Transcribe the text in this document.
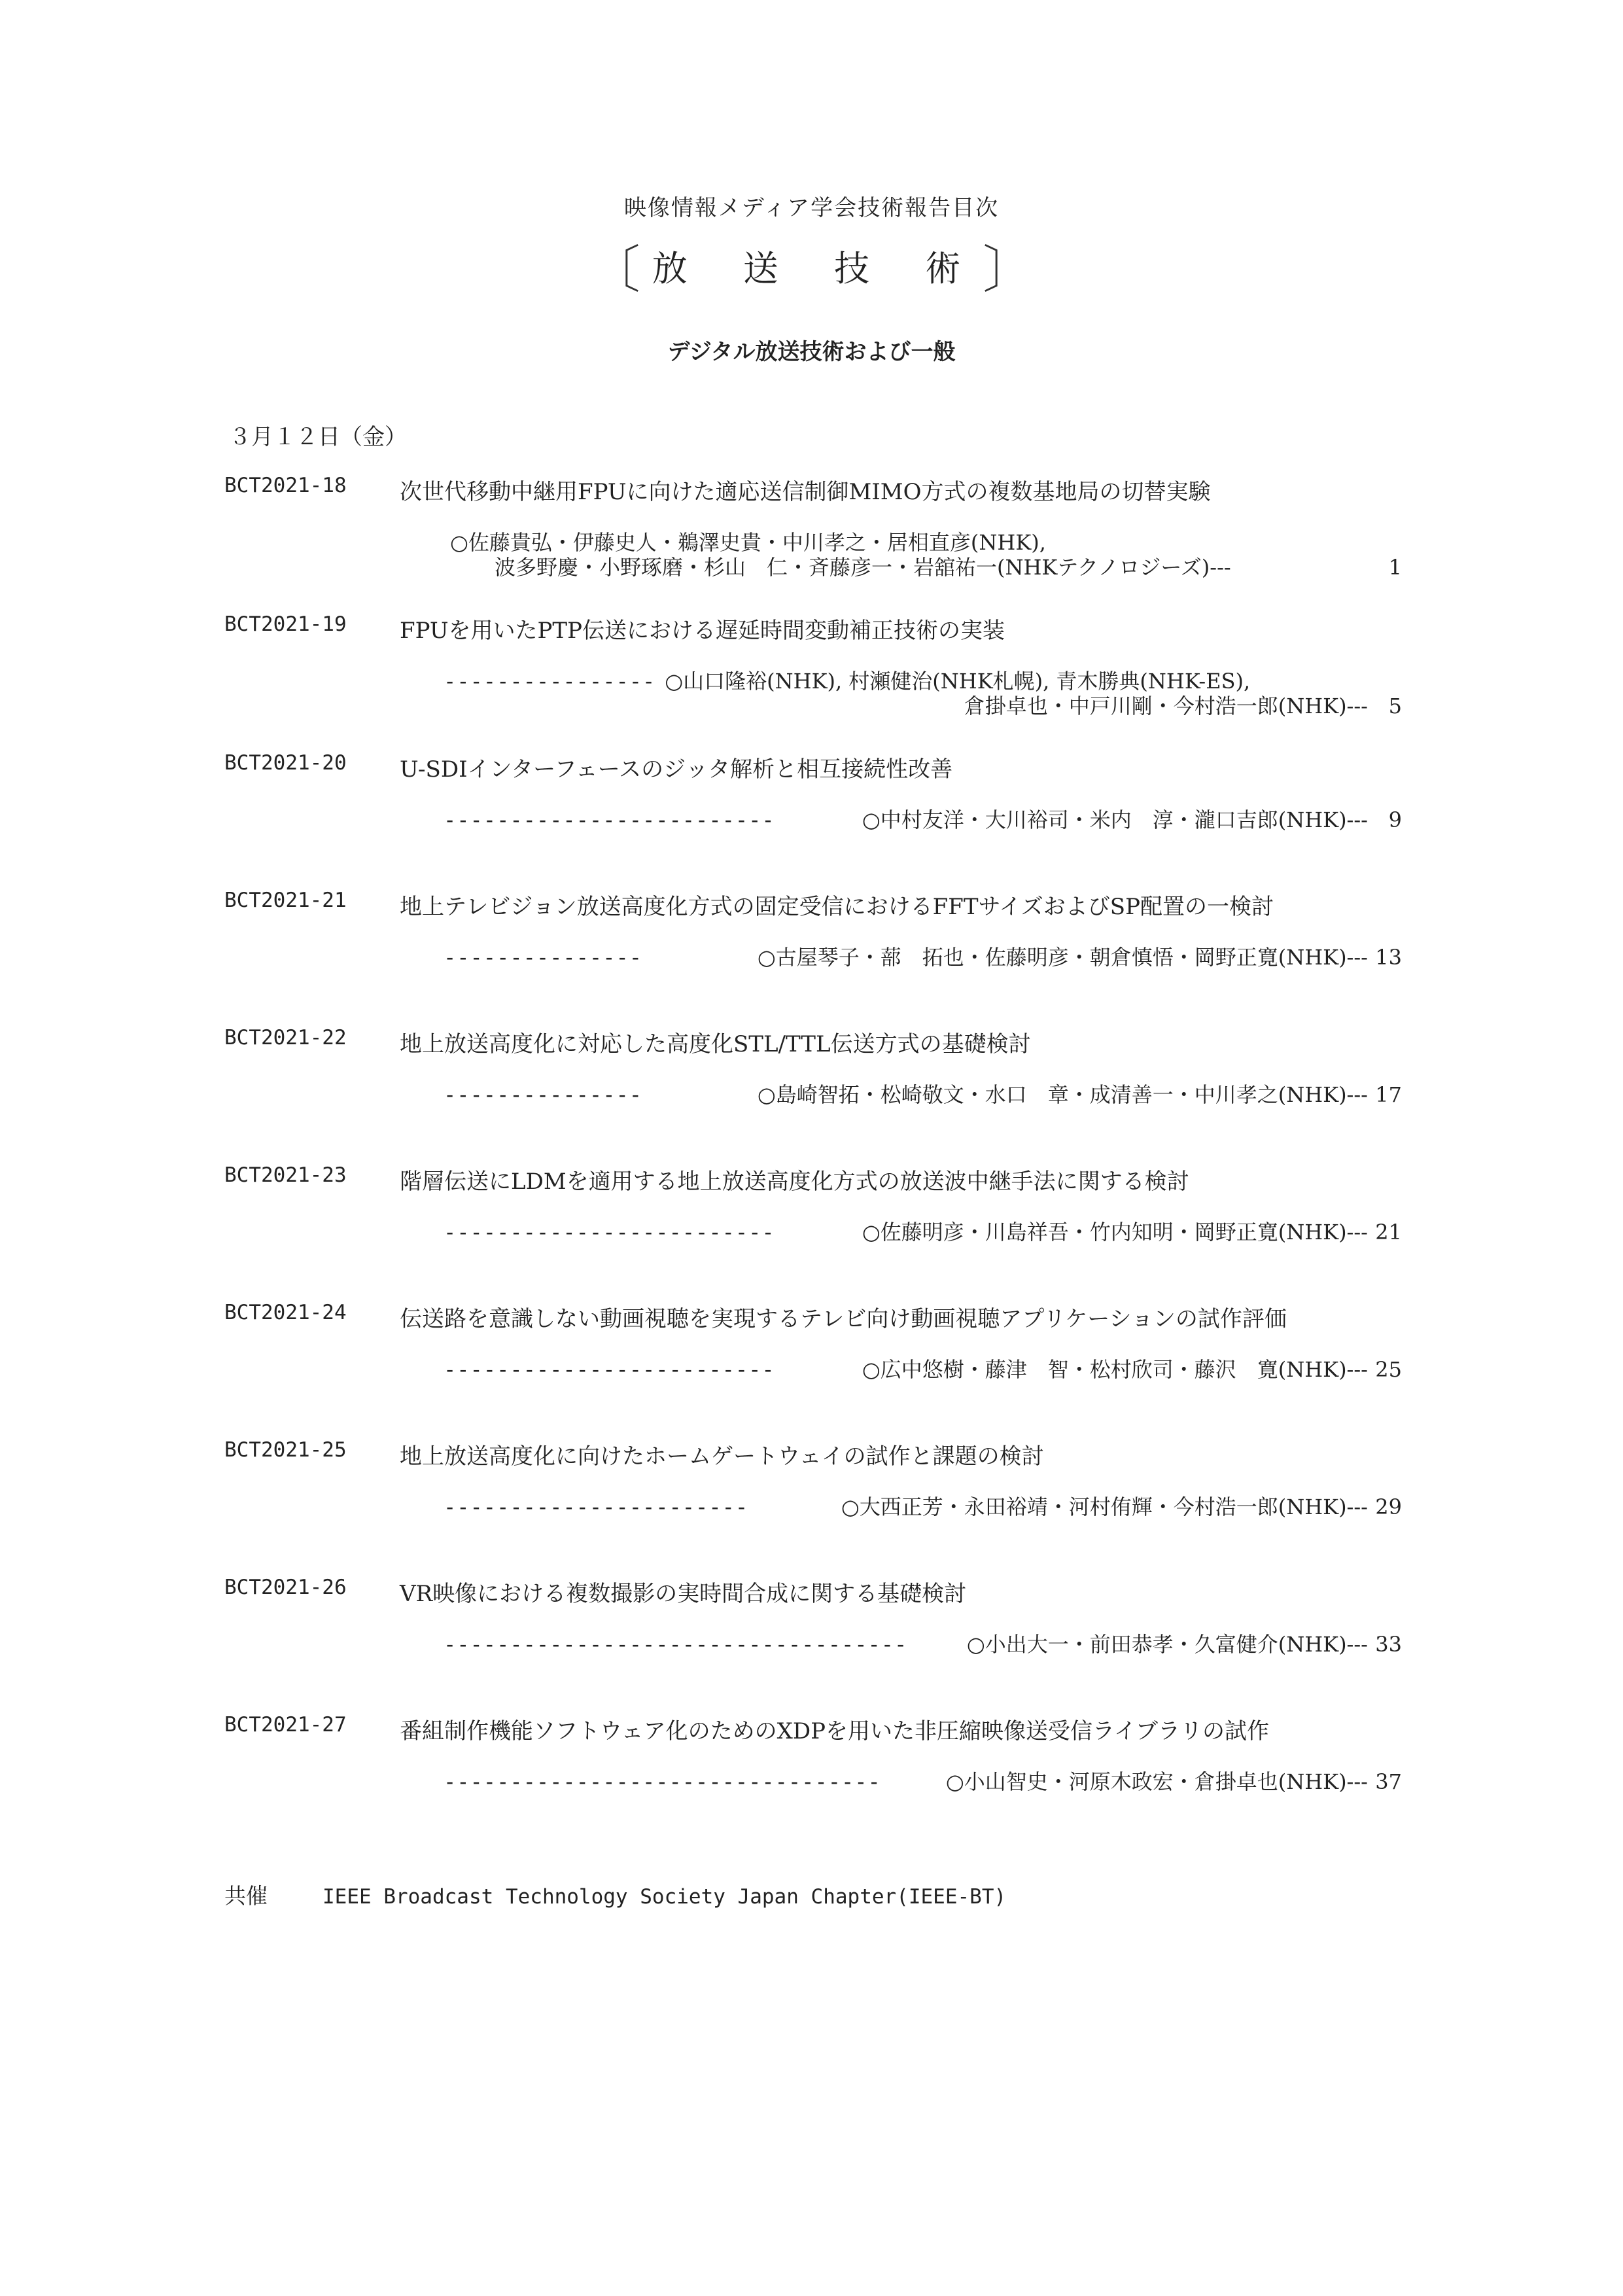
映像情報メディア学会技術報告目次
〔 放 送 技 術〕
デジタル放送技術および一般
３月１２日（金）
BCT2021-18 次世代移動中継用FPUに向けた適応送信制御MIMO方式の複数基地局の切替実験
○佐藤貴弘・伊藤史人・鵜澤史貴・中川孝之・居相直彦(NHK),
波多野慶・小野琢磨・杉山　仁・斉藤彦一・岩舘祐一(NHKテクノロジーズ)---	1
BCT2021-19 FPUを用いたPTP伝送における遅延時間変動補正技術の実装
---------------- ○山口隆裕(NHK), 村瀬健治(NHK札幌), 青木勝典(NHK-ES),
倉掛卓也・中戸川剛・今村浩一郎(NHK)--- 5
BCT2021-20 U-SDIインターフェースのジッタ解析と相互接続性改善
-------------------------	○中村友洋・大川裕司・米内　淳・瀧口吉郎(NHK)--- 9
BCT2021-21 地上テレビジョン放送高度化方式の固定受信におけるFFTサイズおよびSP配置の一検討
---------------	○古屋琴子・蔀　拓也・佐藤明彦・朝倉慎悟・岡野正寛(NHK)--- 13
BCT2021-22 地上放送高度化に対応した高度化STL/TTL伝送方式の基礎検討
---------------	○島崎智拓・松崎敬文・水口　章・成清善一・中川孝之(NHK)--- 17
BCT2021-23 階層伝送にLDMを適用する地上放送高度化方式の放送波中継手法に関する検討
-------------------------	○佐藤明彦・川島祥吾・竹内知明・岡野正寛(NHK)--- 21
BCT2021-24 伝送路を意識しない動画視聴を実現するテレビ向け動画視聴アプリケーションの試作評価
-------------------------	○広中悠樹・藤津　智・松村欣司・藤沢　寛(NHK)--- 25
BCT2021-25 地上放送高度化に向けたホームゲートウェイの試作と課題の検討
-----------------------	○大西正芳・永田裕靖・河村侑輝・今村浩一郎(NHK)--- 29
BCT2021-26 VR映像における複数撮影の実時間合成に関する基礎検討
-----------------------------------	○小出大一・前田恭孝・久富健介(NHK)--- 33
BCT2021-27 番組制作機能ソフトウェア化のためのXDPを用いた非圧縮映像送受信ライブラリの試作
---------------------------------	○小山智史・河原木政宏・倉掛卓也(NHK)--- 37
共催	IEEE Broadcast Technology Society Japan Chapter(IEEE-BT)
